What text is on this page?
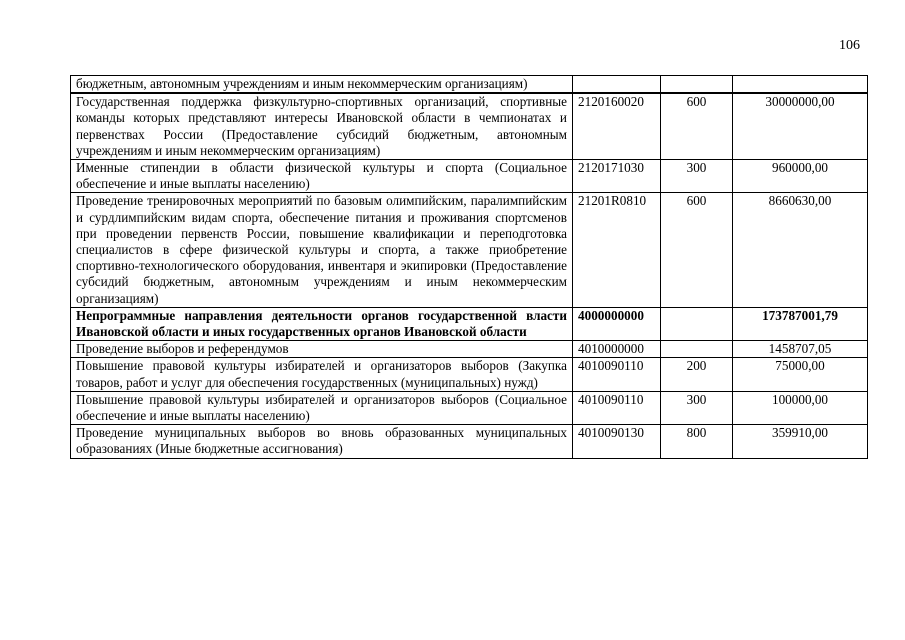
106
бюджетным, автономным учреждениям и иным некоммерческим организациям)			
Государственная поддержка физкультурно-спортивных организаций, спортивные команды которых представляют интересы Ивановской области в чемпионатах и первенствах России (Предоставление субсидий бюджетным, автономным учреждениям и иным некоммерческим организациям)	2120160020	600	30000000,00
Именные стипендии в области физической культуры и спорта (Социальное обеспечение и иные выплаты населению)	2120171030	300	960000,00
Проведение тренировочных мероприятий по базовым олимпийским, паралимпийским и сурдлимпийским видам спорта, обеспечение питания и проживания спортсменов при проведении первенств России, повышение квалификации и переподготовка специалистов в сфере физической культуры и спорта, а также приобретение спортивно-технологического оборудования, инвентаря и экипировки (Предоставление субсидий бюджетным, автономным учреждениям и иным некоммерческим организациям)	21201R0810	600	8660630,00
Непрограммные направления деятельности органов государственной власти Ивановской области и иных государственных органов Ивановской области	4000000000		173787001,79
Проведение выборов и референдумов	4010000000		1458707,05
Повышение правовой культуры избирателей и организаторов выборов (Закупка товаров, работ и услуг для обеспечения государственных (муниципальных) нужд)	4010090110	200	75000,00
Повышение правовой культуры избирателей и организаторов выборов (Социальное обеспечение и иные выплаты населению)	4010090110	300	100000,00
Проведение муниципальных выборов во вновь образованных муниципальных образованиях (Иные бюджетные ассигнования)	4010090130	800	359910,00
